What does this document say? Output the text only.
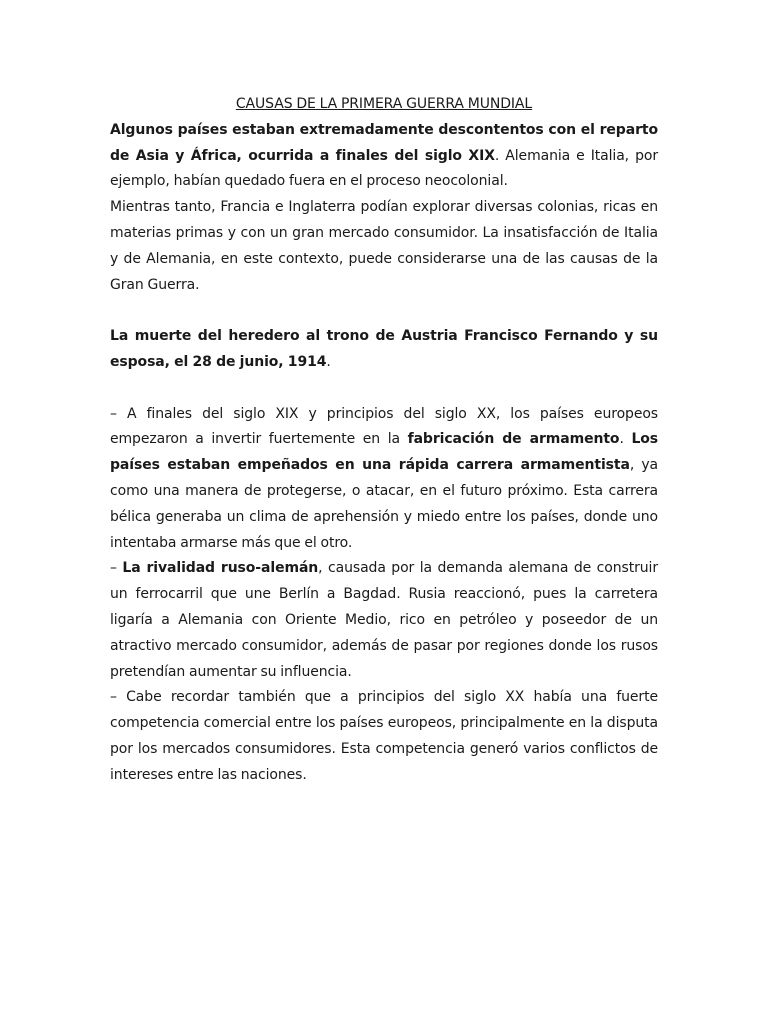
CAUSAS DE LA PRIMERA GUERRA MUNDIAL

Algunos países estaban extremadamente descontentos con el reparto de Asia y África, ocurrida a finales del siglo XIX. Alemania e Italia, por ejemplo, habían quedado fuera en el proceso neocolonial.

Mientras tanto, Francia e Inglaterra podían explorar diversas colonias, ricas en materias primas y con un gran mercado consumidor. La insatisfacción de Italia y de Alemania, en este contexto, puede considerarse una de las causas de la Gran Guerra.

La muerte del heredero al trono de Austria Francisco Fernando y su esposa, el 28 de junio, 1914.

– A finales del siglo XIX y principios del siglo XX, los países europeos empezaron a invertir fuertemente en la fabricación de armamento. Los países estaban empeñados en una rápida carrera armamentista, ya como una manera de protegerse, o atacar, en el futuro próximo. Esta carrera bélica generaba un clima de aprehensión y miedo entre los países, donde uno intentaba armarse más que el otro.

– La rivalidad ruso-alemán, causada por la demanda alemana de construir un ferrocarril que une Berlín a Bagdad. Rusia reaccionó, pues la carretera ligaría a Alemania con Oriente Medio, rico en petróleo y poseedor de un atractivo mercado consumidor, además de pasar por regiones donde los rusos pretendían aumentar su influencia.

– Cabe recordar también que a principios del siglo XX había una fuerte competencia comercial entre los países europeos, principalmente en la disputa por los mercados consumidores. Esta competencia generó varios conflictos de intereses entre las naciones.
